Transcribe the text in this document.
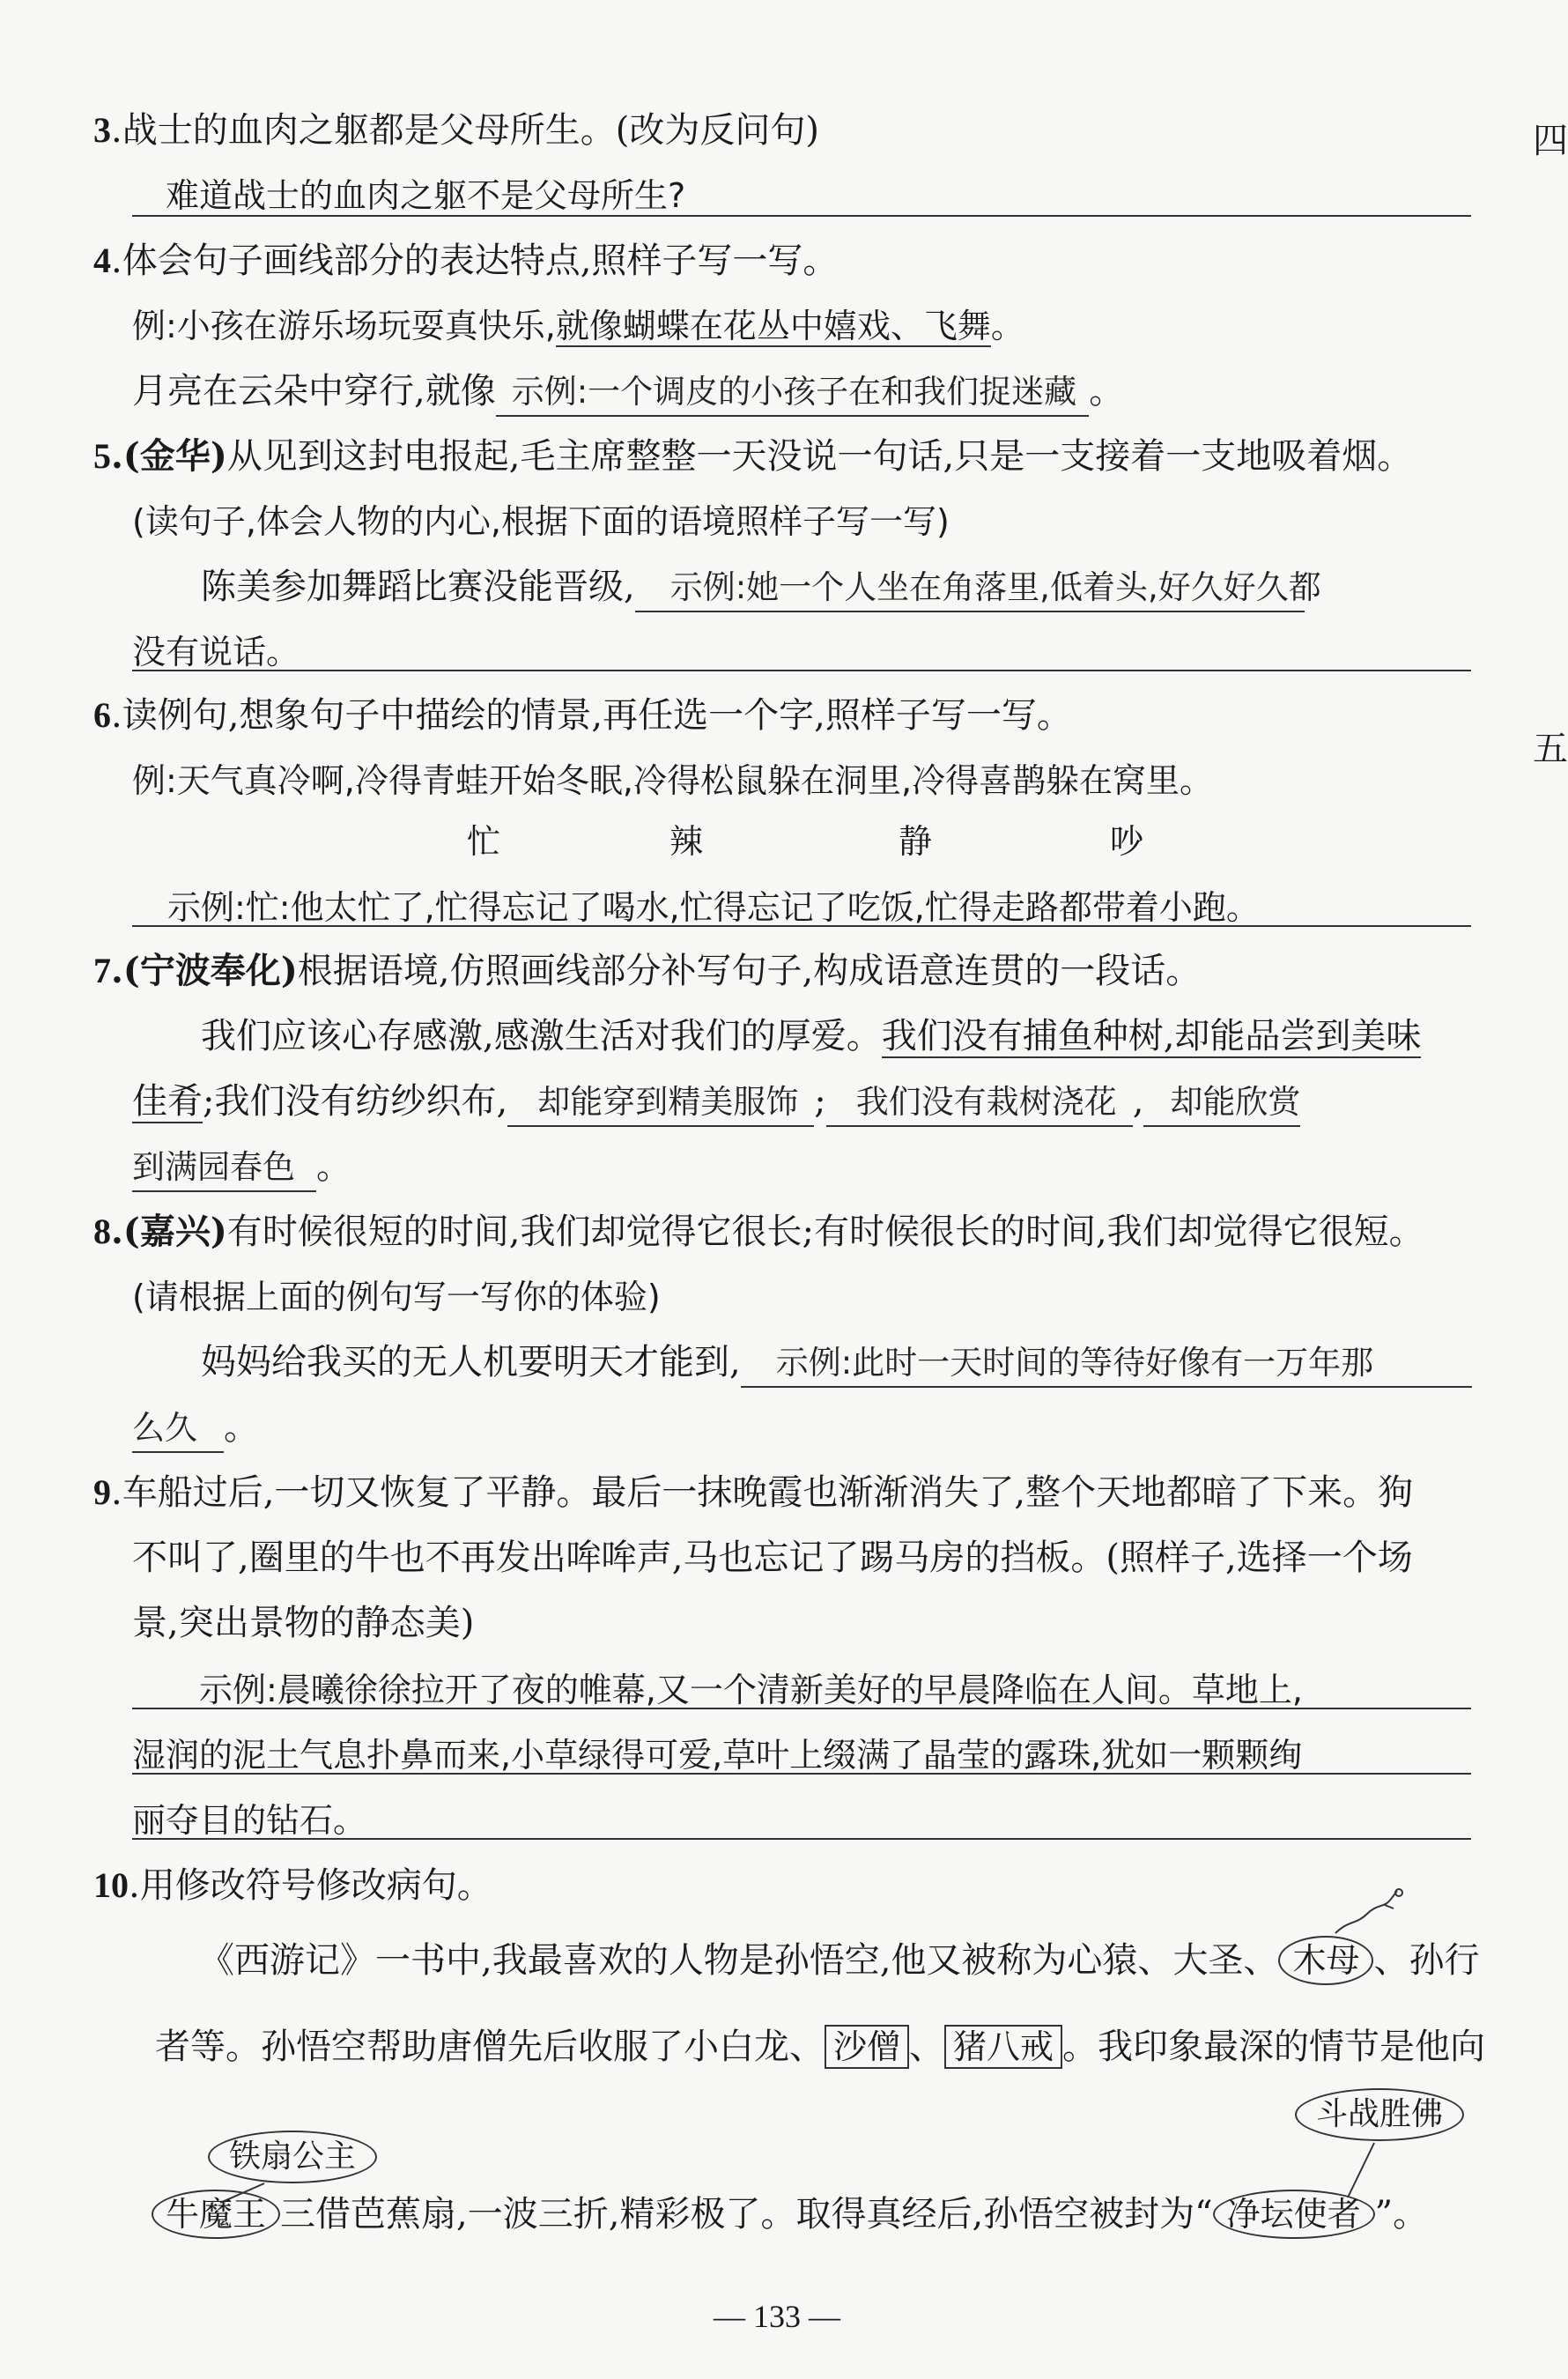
3.战士的血肉之躯都是父母所生。(改为反问句)
难道战士的血肉之躯不是父母所生?
4.体会句子画线部分的表达特点,照样子写一写。
例:小孩在游乐场玩耍真快乐,就像蝴蝶在花丛中嬉戏、飞舞。
月亮在云朵中穿行,就像 示例:一个调皮的小孩子在和我们捉迷藏 。
5.(金华)从见到这封电报起,毛主席整整一天没说一句话,只是一支接着一支地吸着烟。
(读句子,体会人物的内心,根据下面的语境照样子写一写)
陈美参加舞蹈比赛没能晋级, 示例:她一个人坐在角落里,低着头,好久好久都
没有说话。
6.读例句,想象句子中描绘的情景,再任选一个字,照样子写一写。
例:天气真冷啊,冷得青蛙开始冬眠,冷得松鼠躲在洞里,冷得喜鹊躲在窝里。
忙	辣	静	吵
示例:忙:他太忙了,忙得忘记了喝水,忙得忘记了吃饭,忙得走路都带着小跑。
7.(宁波奉化)根据语境,仿照画线部分补写句子,构成语意连贯的一段话。
我们应该心存感激,感激生活对我们的厚爱。我们没有捕鱼种树,却能品尝到美味
佳肴;我们没有纺纱织布, 却能穿到精美服饰 ; 我们没有栽树浇花 , 却能欣赏
到满园春色 。
8.(嘉兴)有时候很短的时间,我们却觉得它很长;有时候很长的时间,我们却觉得它很短。
(请根据上面的例句写一写你的体验)
妈妈给我买的无人机要明天才能到, 示例:此时一天时间的等待好像有一万年那
么久 。
9.车船过后,一切又恢复了平静。最后一抹晚霞也渐渐消失了,整个天地都暗了下来。狗
不叫了,圈里的牛也不再发出哞哞声,马也忘记了踢马房的挡板。(照样子,选择一个场
景,突出景物的静态美)
示例:晨曦徐徐拉开了夜的帷幕,又一个清新美好的早晨降临在人间。草地上,
湿润的泥土气息扑鼻而来,小草绿得可爱,草叶上缀满了晶莹的露珠,犹如一颗颗绚
丽夺目的钻石。
10.用修改符号修改病句。
《西游记》一书中,我最喜欢的人物是孙悟空,他又被称为心猿、大圣、 木母 、孙行
者等。孙悟空帮助唐僧先后收服了小白龙、 沙僧 、 猪八戒 。我印象最深的情节是他向
铁扇公主
斗战胜佛
牛魔王 三借芭蕉扇,一波三折,精彩极了。取得真经后,孙悟空被封为“ 净坛使者 ”。
— 133 —
四
五
